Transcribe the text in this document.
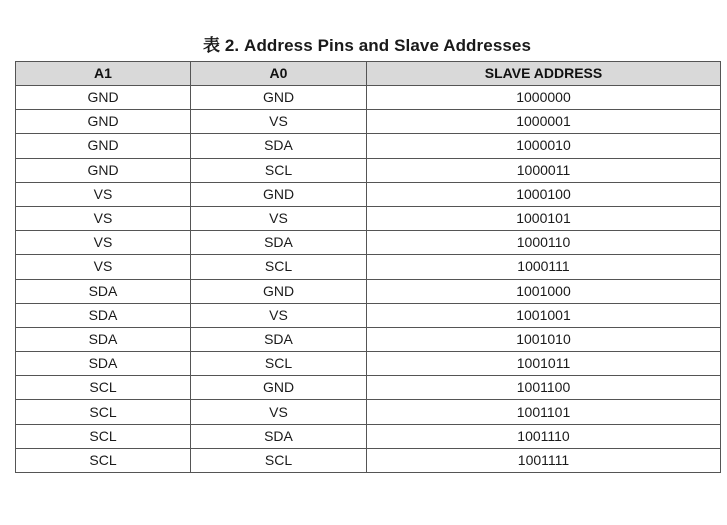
表 2. Address Pins and Slave Addresses
A1	A0	SLAVE ADDRESS
GND	GND	1000000
GND	VS	1000001
GND	SDA	1000010
GND	SCL	1000011
VS	GND	1000100
VS	VS	1000101
VS	SDA	1000110
VS	SCL	1000111
SDA	GND	1001000
SDA	VS	1001001
SDA	SDA	1001010
SDA	SCL	1001011
SCL	GND	1001100
SCL	VS	1001101
SCL	SDA	1001110
SCL	SCL	1001111
